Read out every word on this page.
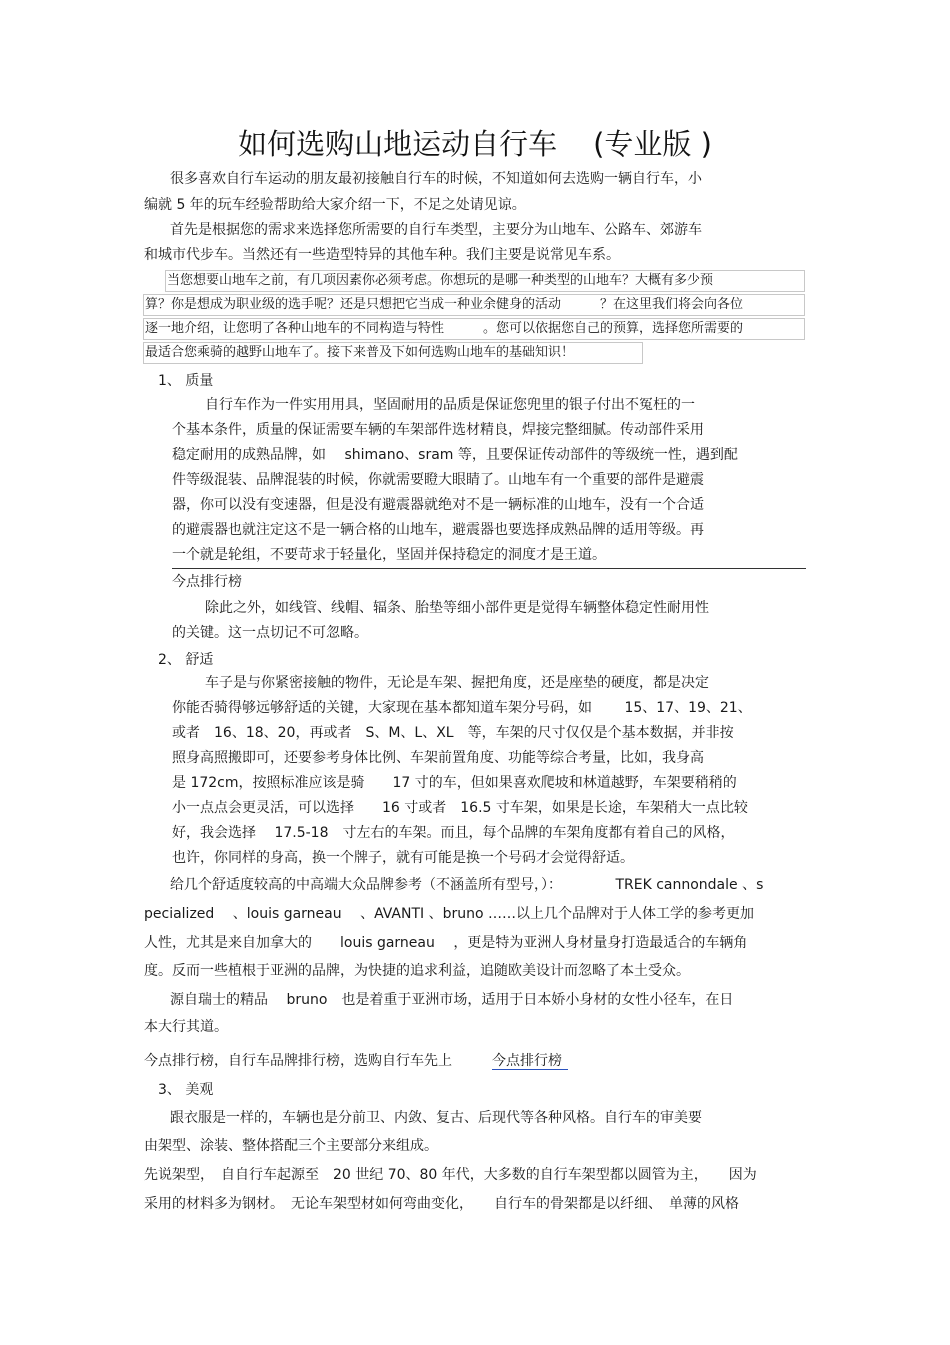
如何选购山地运动自行车 (专业版 )
很多喜欢自行车运动的朋友最初接触自行车的时候，不知道如何去选购一辆自行车，小
编就 5 年的玩车经验帮助给大家介绍一下，不足之处请见谅。
首先是根据您的需求来选择您所需要的自行车类型，主要分为山地车、公路车、郊游车
和城市代步车。当然还有一些造型特异的其他车种。我们主要是说常见车系。
当您想要山地车之前，有几项因素你必须考虑。你想玩的是哪一种类型的山地车？大概有多少预
算？你是想成为职业级的选手呢？还是只想把它当成一种业余健身的活动　　　？在这里我们将会向各位
逐一地介绍，让您明了各种山地车的不同构造与特性　　　。您可以依据您自己的预算，选择您所需要的
最适合您乘骑的越野山地车了。接下来普及下如何选购山地车的基础知识！
1、 质量
自行车作为一件实用用具，坚固耐用的品质是保证您兜里的银子付出不冤枉的一
个基本条件，质量的保证需要车辆的车架部件选材精良，焊接完整细腻。传动部件采用
稳定耐用的成熟品牌，如　 shimano、sram 等，且要保证传动部件的等级统一性，遇到配
件等级混装、品牌混装的时候，你就需要瞪大眼睛了。山地车有一个重要的部件是避震
器，你可以没有变速器，但是没有避震器就绝对不是一辆标准的山地车，没有一个合适
的避震器也就注定这不是一辆合格的山地车，避震器也要选择成熟品牌的适用等级。再
一个就是轮组，不要苛求于轻量化，坚固并保持稳定的洞度才是王道。
今点排行榜
除此之外，如线管、线帽、辐条、胎垫等细小部件更是觉得车辆整体稳定性耐用性
的关键。这一点切记不可忽略。
2、 舒适
车子是与你紧密接触的物件，无论是车架、握把角度，还是座垫的硬度，都是决定
你能否骑得够远够舒适的关键，大家现在基本都知道车架分号码，如　　 15、17、19、21、
或者　16、18、20，再或者　S、M、L、XL　等，车架的尺寸仅仅是个基本数据，并非按
照身高照搬即可，还要参考身体比例、车架前置角度、功能等综合考量，比如，我身高
是 172cm，按照标准应该是骑　　17 寸的车，但如果喜欢爬坡和林道越野，车架要稍稍的
小一点点会更灵活，可以选择　　16 寸或者　16.5 寸车架，如果是长途，车架稍大一点比较
好，我会选择　 17.5-18　寸左右的车架。而且，每个品牌的车架角度都有着自己的风格，
也许，你同样的身高，换一个牌子，就有可能是换一个号码才会觉得舒适。
给几个舒适度较高的中高端大众品牌参考（不涵盖所有型号，）：　　　　 TREK cannondale 、s
pecialized　 、louis garneau　 、AVANTI 、bruno ……以上几个品牌对于人体工学的参考更加
人性，尤其是来自加拿大的　　louis garneau　 ，更是特为亚洲人身材量身打造最适合的车辆角
度。反而一些植根于亚洲的品牌，为快捷的追求利益，追随欧美设计而忽略了本土受众。
源自瑞士的精品　 bruno　也是着重于亚洲市场，适用于日本娇小身材的女性小径车，在日
本大行其道。
今点排行榜，自行车品牌排行榜，选购自行车先上	今点排行榜
3、 美观
跟衣服是一样的，车辆也是分前卫、内敛、复古、后现代等各种风格。自行车的审美要
由架型、涂装、整体搭配三个主要部分来组成。
先说架型，　自自行车起源至　20 世纪 70、80 年代，大多数的自行车架型都以圆管为主，　　因为
采用的材料多为钢材。　无论车架型材如何弯曲变化，　　自行车的骨架都是以纤细、　单薄的风格
